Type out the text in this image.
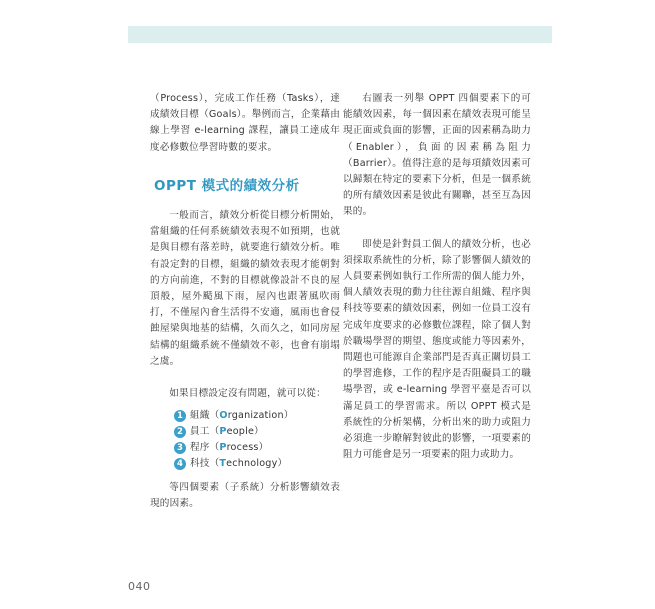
（Process），完成工作任務（Tasks），達成績效目標（Goals）。舉例而言，企業藉由線上學習 e-learning 課程，讓員工達成年度必修數位學習時數的要求。

OPPT 模式的績效分析

一般而言，績效分析從目標分析開始，當組織的任何系統績效表現不如預期，也就是與目標有落差時，就要進行績效分析。唯有設定對的目標，組織的績效表現才能朝對的方向前進，不對的目標就像設計不良的屋頂般，屋外颳風下雨，屋內也跟著風吹雨打，不僅屋內會生活得不安適，風雨也會侵蝕屋梁與地基的結構，久而久之，如同房屋結構的組織系統不僅績效不彰，也會有崩塌之虞。

如果目標設定沒有問題，就可以從：

1 組織（ O rganization）
2 員工（ P eople）
3 程序（ P rocess）
4 科技（ T echnology）

等四個要素（子系統）分析影響績效表現的因素。

右圖表一列舉 OPPT 四個要素下的可能績效因素，每一個因素在績效表現可能呈現正面或負面的影響，正面的因素稱為助力（Enabler），負面的因素稱為阻力（Barrier）。值得注意的是每項績效因素可以歸類在特定的要素下分析，但是一個系統的所有績效因素是彼此有關聯，甚至互為因果的。

即使是針對員工個人的績效分析，也必須採取系統性的分析，除了影響個人績效的人員要素例如執行工作所需的個人能力外，個人績效表現的動力往往源自組織、程序與科技等要素的績效因素，例如一位員工沒有完成年度要求的必修數位課程，除了個人對於職場學習的期望、態度或能力等因素外，問題也可能源自企業部門是否真正關切員工的學習進修，工作的程序是否阻礙員工的職場學習，或 e-learning 學習平臺是否可以滿足員工的學習需求。所以 OPPT 模式是系統性的分析架構，分析出來的助力或阻力必須進一步瞭解對彼此的影響，一項要素的阻力可能會是另一項要素的阻力或助力。

040
